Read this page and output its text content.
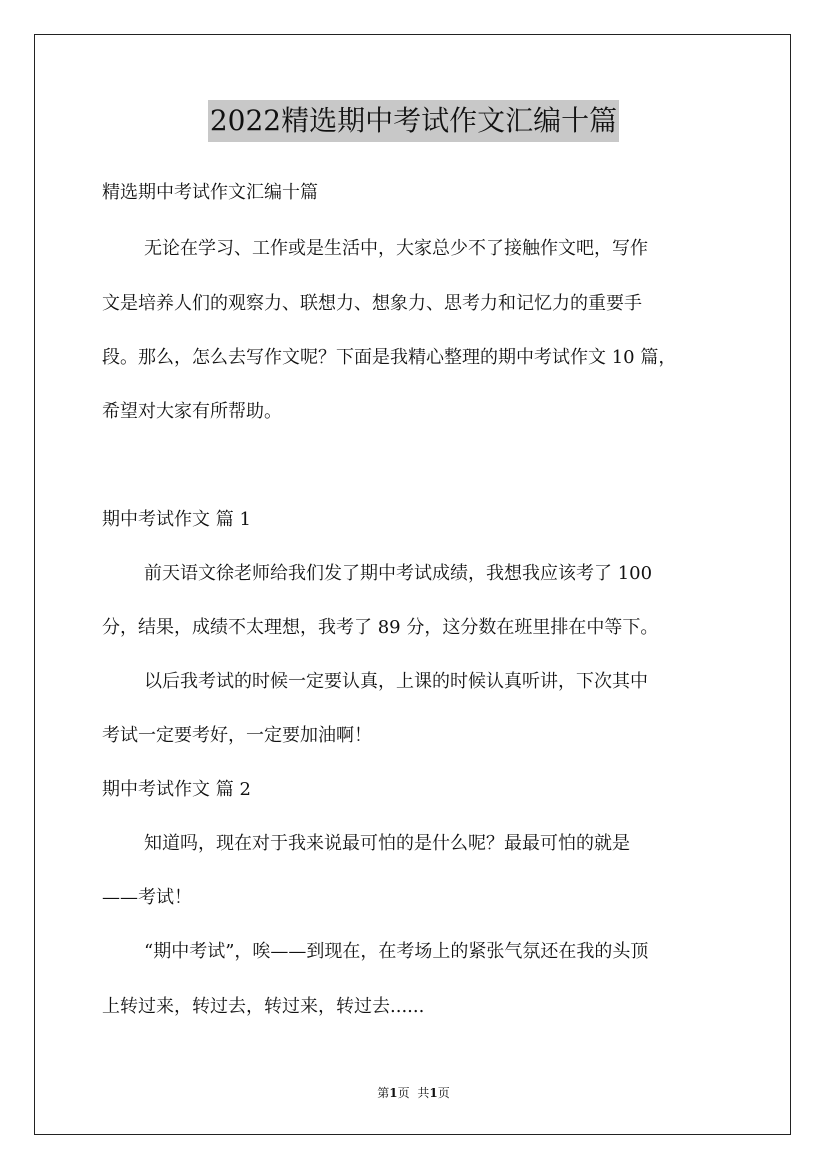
2022精选期中考试作文汇编十篇
精选期中考试作文汇编十篇
无论在学习、工作或是生活中，大家总少不了接触作文吧，写作
文是培养人们的观察力、联想力、想象力、思考力和记忆力的重要手
段。那么，怎么去写作文呢？下面是我精心整理的期中考试作文 10 篇，
希望对大家有所帮助。
期中考试作文 篇 1
前天语文徐老师给我们发了期中考试成绩，我想我应该考了 100
分，结果，成绩不太理想，我考了 89 分，这分数在班里排在中等下。
以后我考试的时候一定要认真，上课的时候认真听讲，下次其中
考试一定要考好，一定要加油啊！
期中考试作文 篇 2
知道吗，现在对于我来说最可怕的是什么呢？最最可怕的就是
——考试！
“期中考试”，唉——到现在，在考场上的紧张气氛还在我的头顶
上转过来，转过去，转过来，转过去......
第1页 共1页
